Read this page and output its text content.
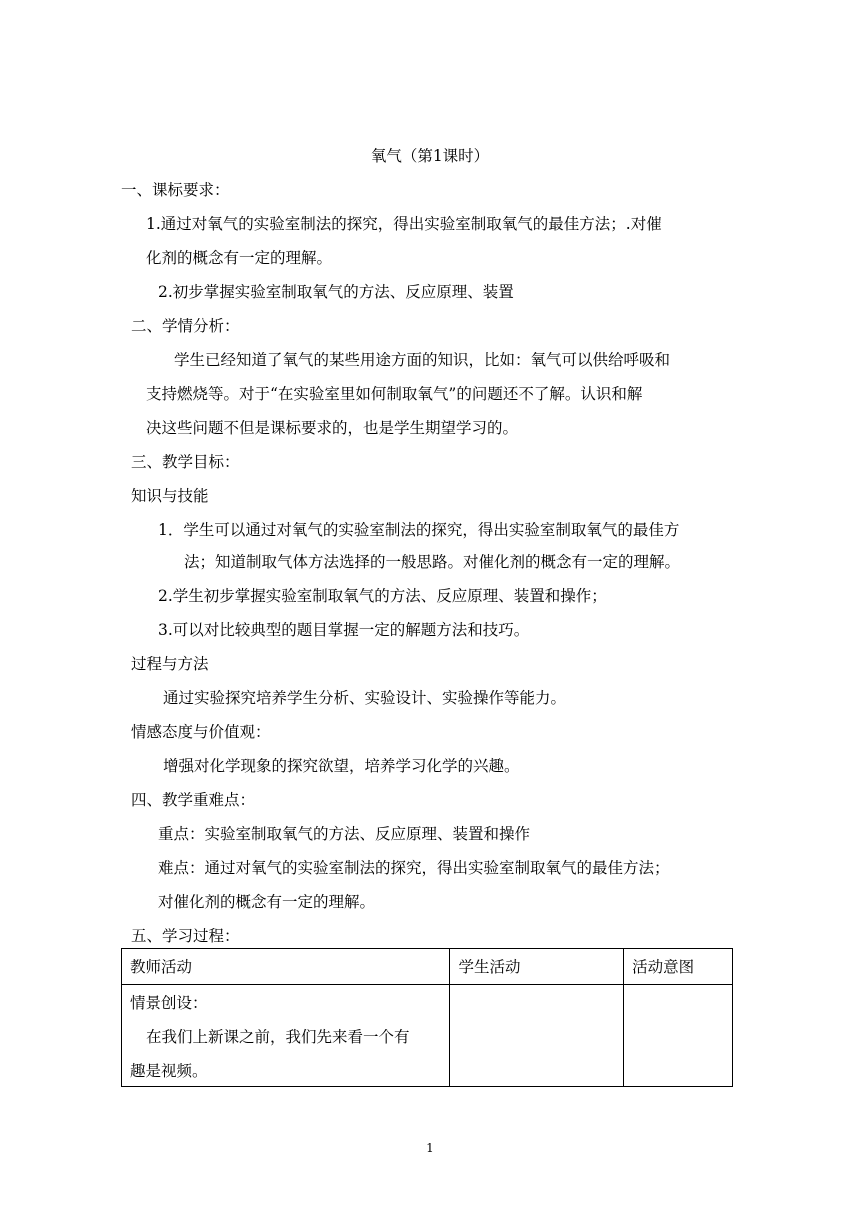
氧气（第1课时）
一、课标要求：
1.通过对氧气的实验室制法的探究，得出实验室制取氧气的最佳方法；.对催
化剂的概念有一定的理解。
2.初步掌握实验室制取氧气的方法、反应原理、装置
二、学情分析：
学生已经知道了氧气的某些用途方面的知识，比如：氧气可以供给呼吸和
支持燃烧等。对于“在实验室里如何制取氧气”的问题还不了解。认识和解
决这些问题不但是课标要求的，也是学生期望学习的。
三、教学目标：
知识与技能
1．学生可以通过对氧气的实验室制法的探究，得出实验室制取氧气的最佳方
法；知道制取气体方法选择的一般思路。对催化剂的概念有一定的理解。
2.学生初步掌握实验室制取氧气的方法、反应原理、装置和操作；
3.可以对比较典型的题目掌握一定的解题方法和技巧。
过程与方法
通过实验探究培养学生分析、实验设计、实验操作等能力。
情感态度与价值观：
增强对化学现象的探究欲望，培养学习化学的兴趣。
四、教学重难点：
重点：实验室制取氧气的方法、反应原理、装置和操作
难点：通过对氧气的实验室制法的探究，得出实验室制取氧气的最佳方法；
对催化剂的概念有一定的理解。
五、学习过程：
教师活动	学生活动	活动意图

情景创设：

在我们上新课之前，我们先来看一个有

趣是视频。		

1
